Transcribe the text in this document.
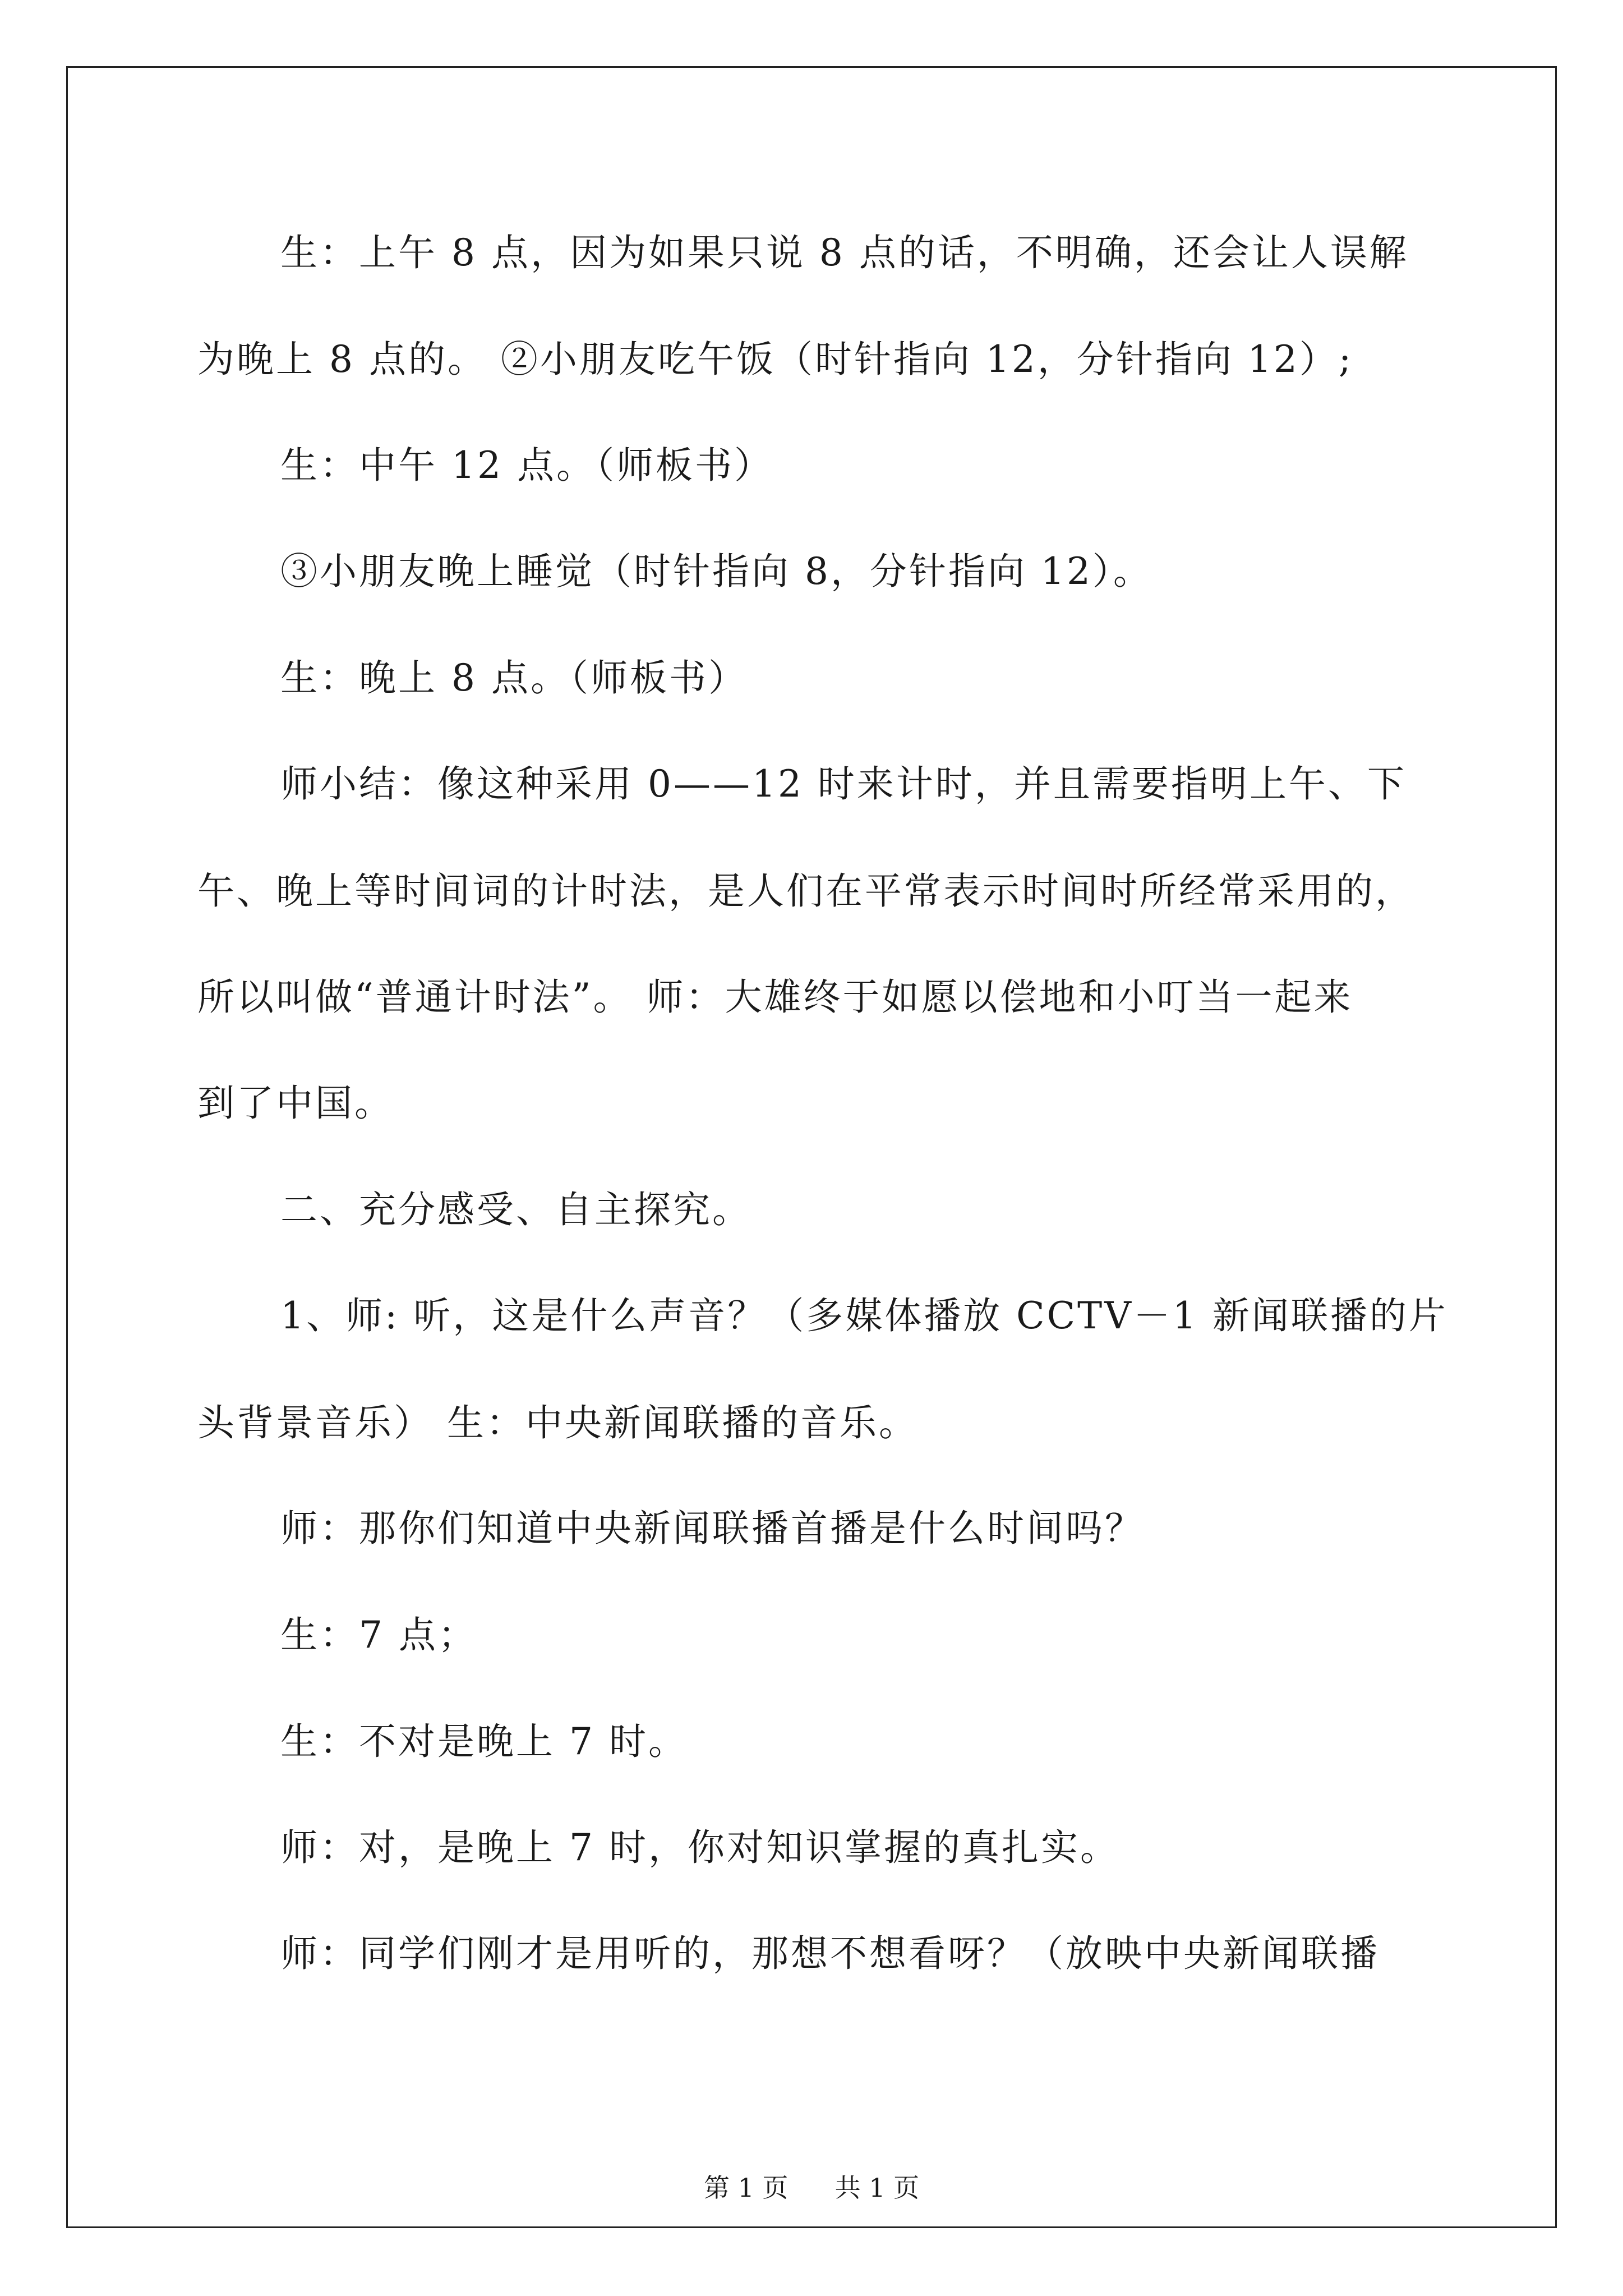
生：上午 8 点，因为如果只说 8 点的话，不明确，还会让人误解
为晚上 8 点的。 ②小朋友吃午饭（时针指向 12，分针指向 12）;
生：中午 12 点。（师板书）
③小朋友晚上睡觉（时针指向 8，分针指向 12）。
生：晚上 8 点。（师板书）
师小结：像这种采用 0——12 时来计时，并且需要指明上午、下
午、晚上等时间词的计时法，是人们在平常表示时间时所经常采用的，
所以叫做“普通计时法”。 师：大雄终于如愿以偿地和小叮当一起来
到了中国。
二、充分感受、自主探究。
1、师: 听，这是什么声音？（多媒体播放 CCTV－1 新闻联播的片
头背景音乐） 生：中央新闻联播的音乐。
师：那你们知道中央新闻联播首播是什么时间吗？
生：7 点；
生：不对是晚上 7 时。
师：对，是晚上 7 时，你对知识掌握的真扎实。
师：同学们刚才是用听的，那想不想看呀？（放映中央新闻联播
第 1 页 共 1 页
